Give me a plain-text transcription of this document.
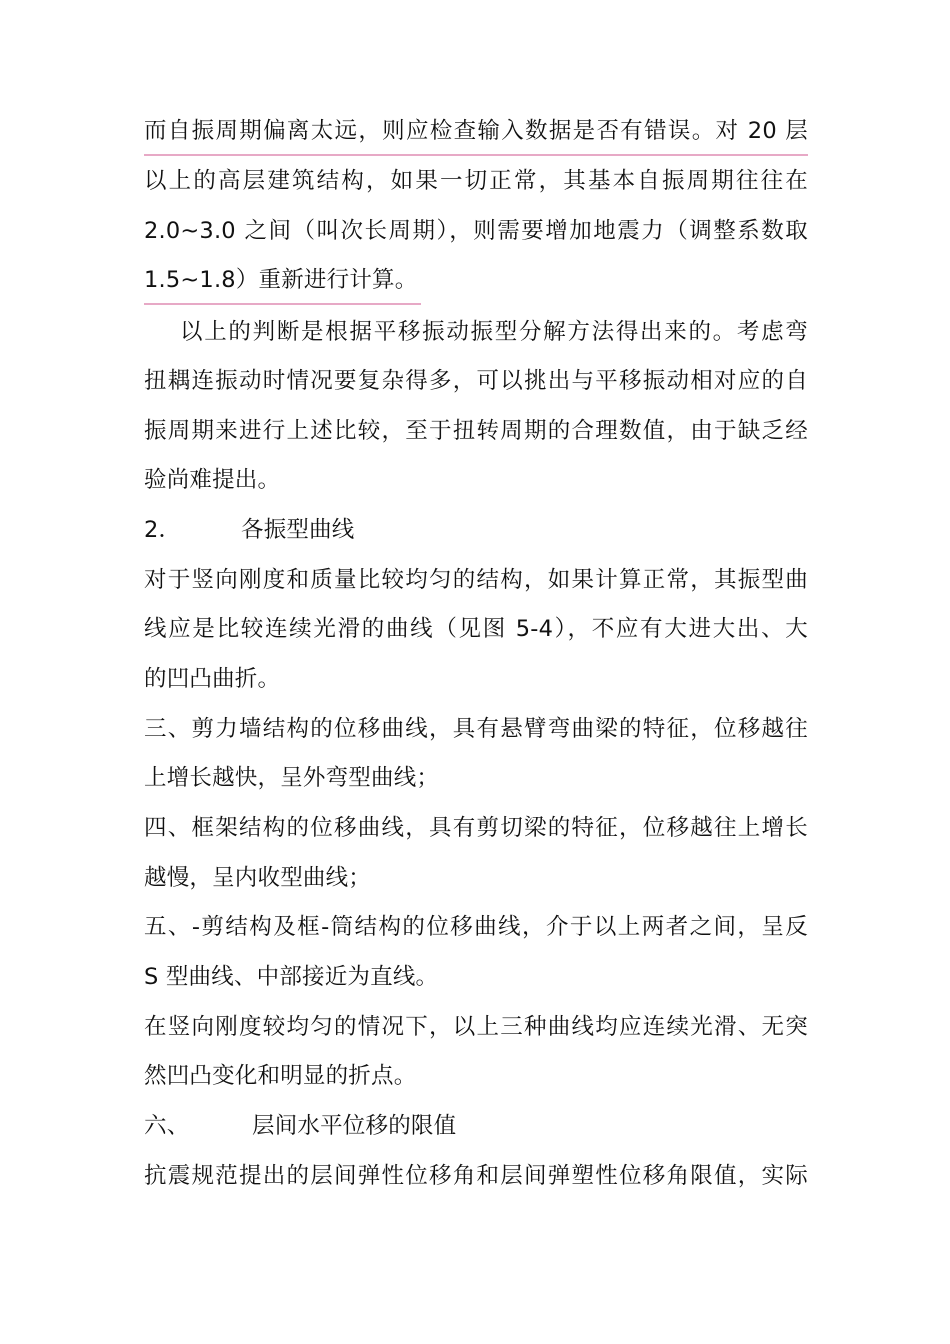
而自振周期偏离太远，则应检查输入数据是否有错误。对 20 层
以上的高层建筑结构，如果一切正常，其基本自振周期往往在
2.0~3.0 之间（叫次长周期），则需要增加地震力（调整系数取
1.5~1.8）重新进行计算。
以上的判断是根据平移振动振型分解方法得出来的。考虑弯
扭耦连振动时情况要复杂得多，可以挑出与平移振动相对应的自
振周期来进行上述比较，至于扭转周期的合理数值，由于缺乏经
验尚难提出。
2．	各振型曲线
对于竖向刚度和质量比较均匀的结构，如果计算正常，其振型曲
线应是比较连续光滑的曲线（见图 5-4），不应有大进大出、大
的凹凸曲折。
三、剪力墙结构的位移曲线，具有悬臂弯曲梁的特征，位移越往
上增长越快，呈外弯型曲线；
四、框架结构的位移曲线，具有剪切梁的特征，位移越往上增长
越慢，呈内收型曲线；
五、-剪结构及框-筒结构的位移曲线，介于以上两者之间，呈反
S 型曲线、中部接近为直线。
在竖向刚度较均匀的情况下，以上三种曲线均应连续光滑、无突
然凹凸变化和明显的折点。
六、	层间水平位移的限值
抗震规范提出的层间弹性位移角和层间弹塑性位移角限值，实际
